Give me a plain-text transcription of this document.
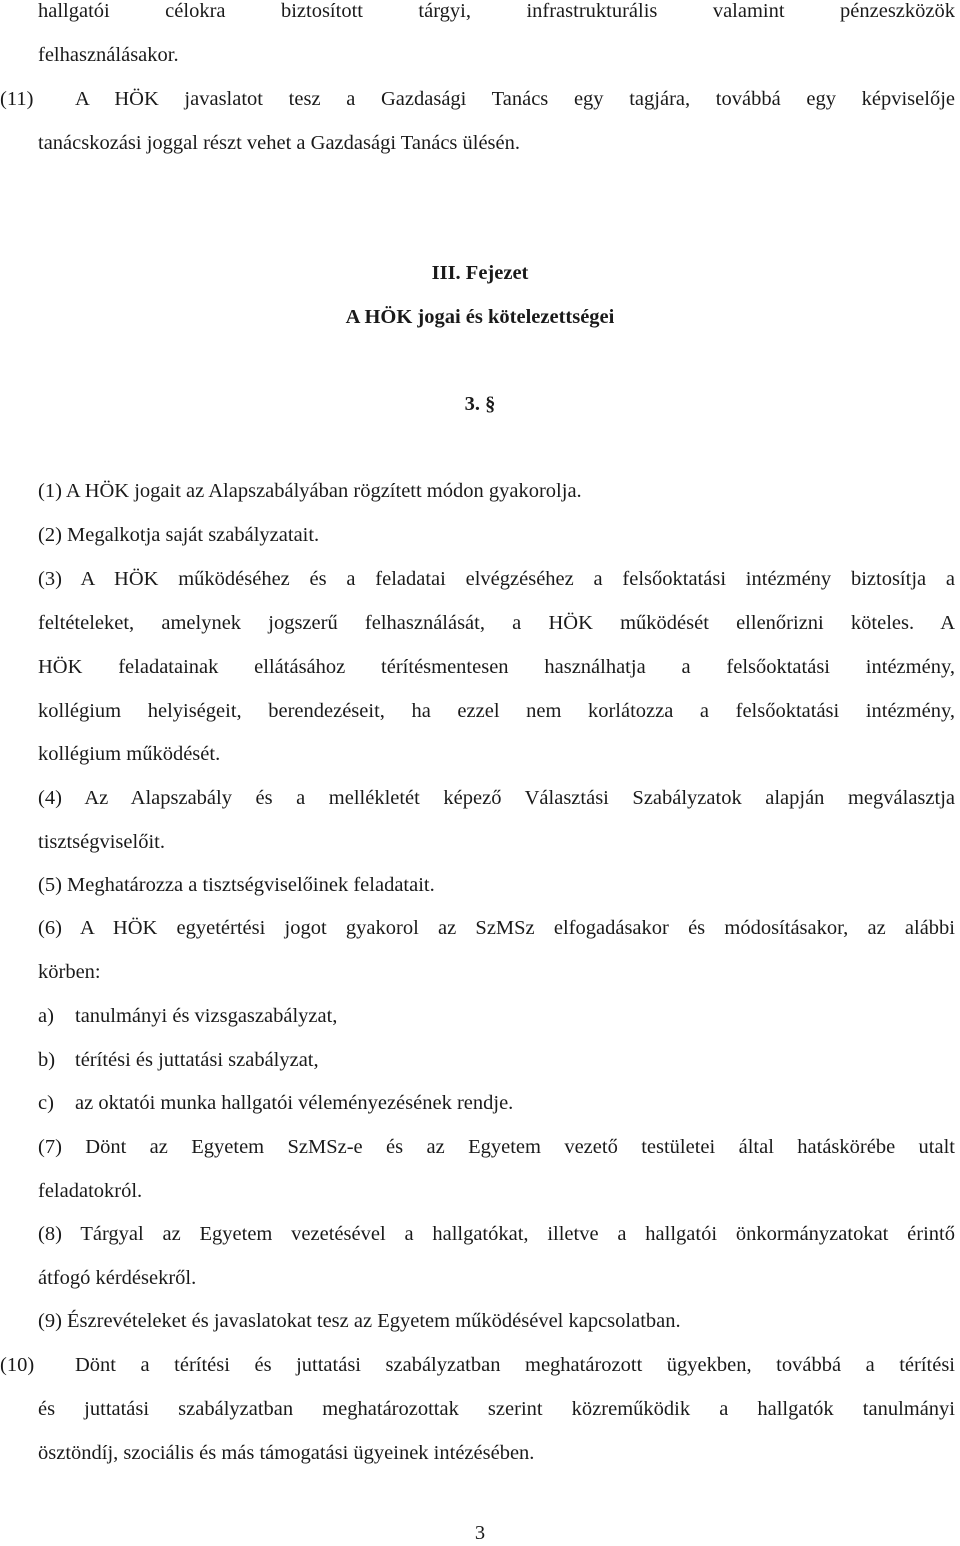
hallgatói célokra biztosított tárgyi, infrastrukturális valamint pénzeszközök
felhasználásakor.
(11) A HÖK javaslatot tesz a Gazdasági Tanács egy tagjára, továbbá egy képviselője
tanácskozási joggal részt vehet a Gazdasági Tanács ülésén.
III. Fejezet
A HÖK jogai és kötelezettségei
3. §
(1) A HÖK jogait az Alapszabályában rögzített módon gyakorolja.
(2) Megalkotja saját szabályzatait.
(3) A HÖK működéséhez és a feladatai elvégzéséhez a felsőoktatási intézmény biztosítja a
feltételeket, amelynek jogszerű felhasználását, a HÖK működését ellenőrizni köteles. A
HÖK feladatainak ellátásához térítésmentesen használhatja a felsőoktatási intézmény,
kollégium helyiségeit, berendezéseit, ha ezzel nem korlátozza a felsőoktatási intézmény,
kollégium működését.
(4) Az Alapszabály és a mellékletét képező Választási Szabályzatok alapján megválasztja
tisztségviselőit.
(5) Meghatározza a tisztségviselőinek feladatait.
(6) A HÖK egyetértési jogot gyakorol az SzMSz elfogadásakor és módosításakor, az alábbi
körben:
a) tanulmányi és vizsgaszabályzat,
b) térítési és juttatási szabályzat,
c) az oktatói munka hallgatói véleményezésének rendje.
(7) Dönt az Egyetem SzMSz-e és az Egyetem vezető testületei által hatáskörébe utalt
feladatokról.
(8) Tárgyal az Egyetem vezetésével a hallgatókat, illetve a hallgatói önkormányzatokat érintő
átfogó kérdésekről.
(9) Észrevételeket és javaslatokat tesz az Egyetem működésével kapcsolatban.
(10) Dönt a térítési és juttatási szabályzatban meghatározott ügyekben, továbbá a térítési
és juttatási szabályzatban meghatározottak szerint közreműködik a hallgatók tanulmányi
ösztöndíj, szociális és más támogatási ügyeinek intézésében.
3
